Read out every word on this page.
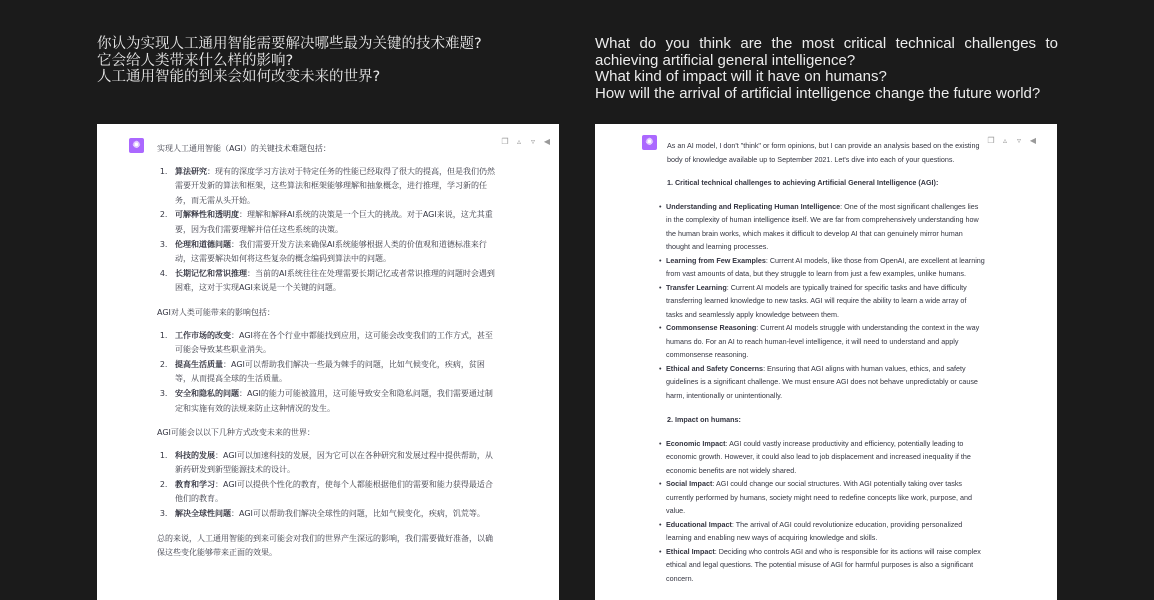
你认为实现人工通用智能需要解决哪些最为关键的技术难题?
它会给人类带来什么样的影响?
人工通用智能的到来会如何改变未来的世界?
What do you think are the most critical technical challenges to achieving artificial general intelligence?
What kind of impact will it have on humans?
How will the arrival of artificial intelligence change the future world?
✺	❐ ▵ ▿ ◀

实现人工通用智能（AGI）的关键技术难题包括：

1. 算法研究：现有的深度学习方法对于特定任务的性能已经取得了很大的提高，但是我们仍然需要开发新的算法和框架，这些算法和框架能够理解和抽象概念，进行推理，学习新的任务，而无需从头开始。
2. 可解释性和透明度：理解和解释AI系统的决策是一个巨大的挑战。对于AGI来说，这尤其重要，因为我们需要理解并信任这些系统的决策。
3. 伦理和道德问题：我们需要开发方法来确保AI系统能够根据人类的价值观和道德标准来行动，这需要解决如何将这些复杂的概念编码到算法中的问题。
4. 长期记忆和常识推理：当前的AI系统往往在处理需要长期记忆或者常识推理的问题时会遇到困难，这对于实现AGI来说是一个关键的问题。

AGI对人类可能带来的影响包括：

1. 工作市场的改变：AGI将在各个行业中都能找到应用，这可能会改变我们的工作方式，甚至可能会导致某些职业消失。
2. 提高生活质量：AGI可以帮助我们解决一些最为棘手的问题，比如气候变化，疾病，贫困等，从而提高全球的生活质量。
3. 安全和隐私的问题：AGI的能力可能被滥用，这可能导致安全和隐私问题，我们需要通过制定和实施有效的法规来防止这种情况的发生。

AGI可能会以以下几种方式改变未来的世界：

1. 科技的发展：AGI可以加速科技的发展，因为它可以在各种研究和发展过程中提供帮助，从新药研发到新型能源技术的设计。
2. 教育和学习：AGI可以提供个性化的教育，使每个人都能根据他们的需要和能力获得最适合他们的教育。
3. 解决全球性问题：AGI可以帮助我们解决全球性的问题，比如气候变化，疾病，饥荒等。

总的来说，人工通用智能的到来可能会对我们的世界产生深远的影响，我们需要做好准备，以确保这些变化能够带来正面的效果。

✺	❐ ▵ ▿ ◀

As an AI model, I don't "think" or form opinions, but I can provide an analysis based on the existing body of knowledge available up to September 2021. Let's dive into each of your questions.

1. Critical technical challenges to achieving Artificial General Intelligence (AGI):

• Understanding and Replicating Human Intelligence: One of the most significant challenges lies in the complexity of human intelligence itself. We are far from comprehensively understanding how the human brain works, which makes it difficult to develop AI that can genuinely mirror human thought and learning processes.
• Learning from Few Examples: Current AI models, like those from OpenAI, are excellent at learning from vast amounts of data, but they struggle to learn from just a few examples, unlike humans.
• Transfer Learning: Current AI models are typically trained for specific tasks and have difficulty transferring learned knowledge to new tasks. AGI will require the ability to learn a wide array of tasks and seamlessly apply knowledge between them.
• Commonsense Reasoning: Current AI models struggle with understanding the context in the way humans do. For an AI to reach human-level intelligence, it will need to understand and apply commonsense reasoning.
• Ethical and Safety Concerns: Ensuring that AGI aligns with human values, ethics, and safety guidelines is a significant challenge. We must ensure AGI does not behave unpredictably or cause harm, intentionally or unintentionally.

2. Impact on humans:

• Economic Impact: AGI could vastly increase productivity and efficiency, potentially leading to economic growth. However, it could also lead to job displacement and increased inequality if the economic benefits are not widely shared.
• Social Impact: AGI could change our social structures. With AGI potentially taking over tasks currently performed by humans, society might need to redefine concepts like work, purpose, and value.
• Educational Impact: The arrival of AGI could revolutionize education, providing personalized learning and enabling new ways of acquiring knowledge and skills.
• Ethical Impact: Deciding who controls AGI and who is responsible for its actions will raise complex ethical and legal questions. The potential misuse of AGI for harmful purposes is also a significant concern.
